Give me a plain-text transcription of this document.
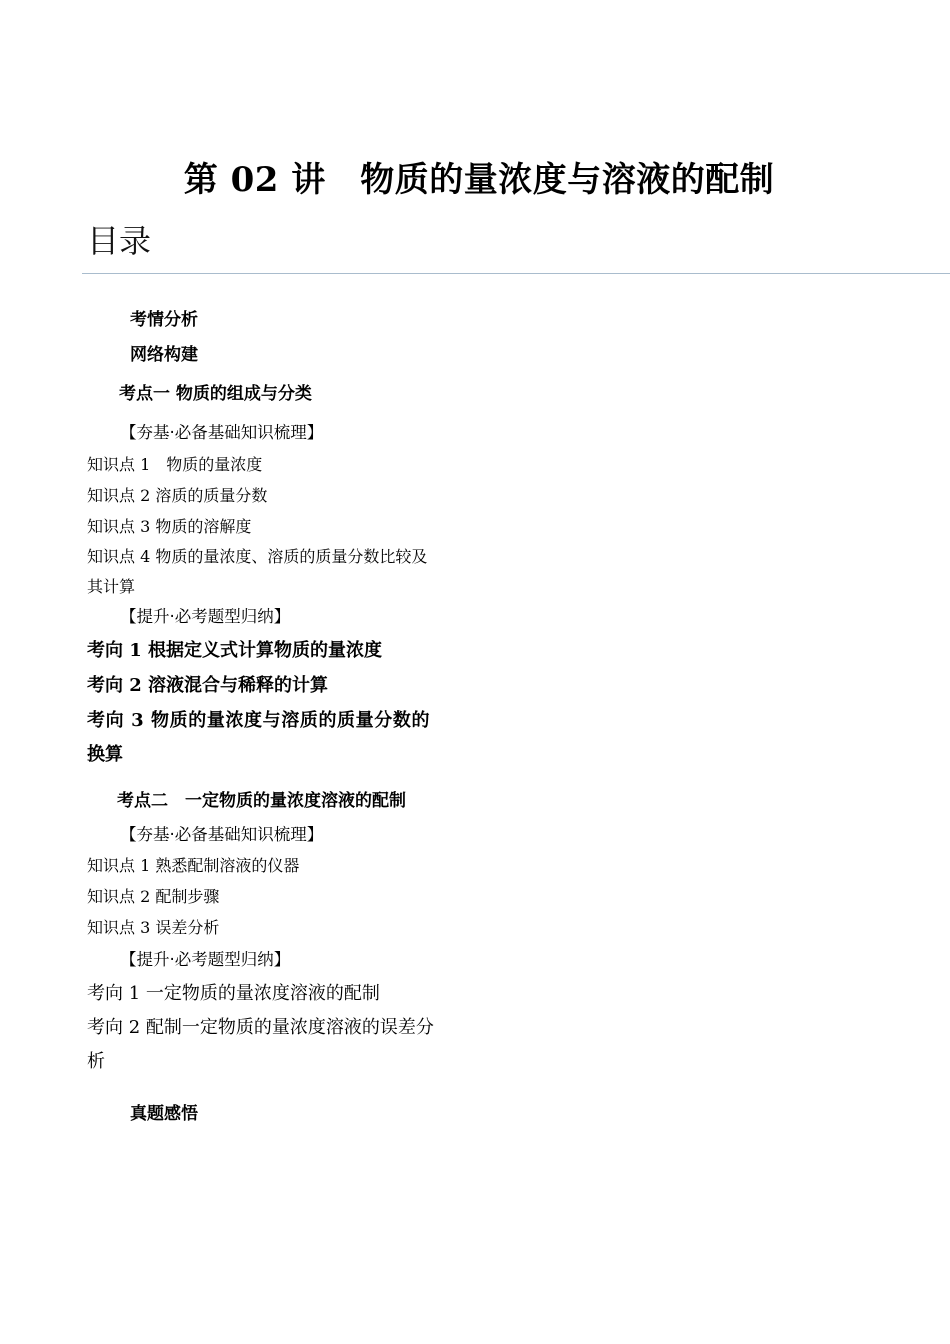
第 02 讲　物质的量浓度与溶液的配制
目录
考情分析
网络构建
考点一 物质的组成与分类
【夯基·必备基础知识梳理】
知识点 1　物质的量浓度
知识点 2 溶质的质量分数
知识点 3 物质的溶解度
知识点 4 物质的量浓度、溶质的质量分数比较及
其计算
【提升·必考题型归纳】
考向 1 根据定义式计算物质的量浓度
考向 2 溶液混合与稀释的计算
考向 3 物质的量浓度与溶质的质量分数的
换算
考点二　一定物质的量浓度溶液的配制
【夯基·必备基础知识梳理】
知识点 1 熟悉配制溶液的仪器
知识点 2 配制步骤
知识点 3 误差分析
【提升·必考题型归纳】
考向 1 一定物质的量浓度溶液的配制
考向 2 配制一定物质的量浓度溶液的误差分
析
真题感悟
